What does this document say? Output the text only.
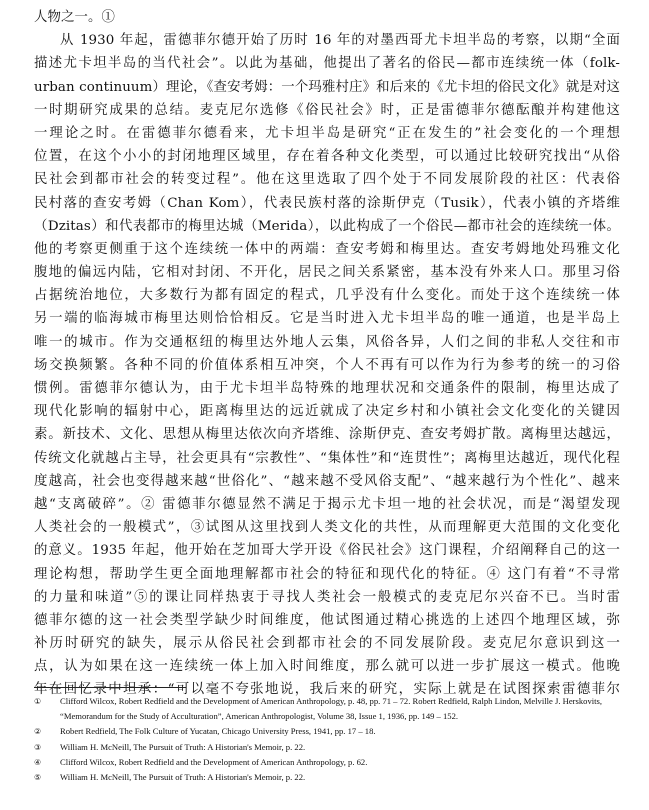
人物之一。①
从 1930 年起，雷德菲尔德开始了历时 16 年的对墨西哥尤卡坦半岛的考察，以期“全面
描述尤卡坦半岛的当代社会”。以此为基础，他提出了著名的俗民—都市连续统一体（folk-
urban continuum）理论，《查安考姆：一个玛雅村庄》和后来的《尤卡坦的俗民文化》就是对这
一时期研究成果的总结。麦克尼尔选修《俗民社会》时，正是雷德菲尔德酝酿并构建他这
一理论之时。在雷德菲尔德看来，尤卡坦半岛是研究“正在发生的”社会变化的一个理想
位置，在这个小小的封闭地理区域里，存在着各种文化类型，可以通过比较研究找出“从俗
民社会到都市社会的转变过程”。他在这里选取了四个处于不同发展阶段的社区：代表俗
民村落的查安考姆（Chan Kom），代表民族村落的涂斯伊克（Tusik），代表小镇的齐塔维
（Dzitas）和代表都市的梅里达城（Merida），以此构成了一个俗民—都市社会的连续统一体。
他的考察更侧重于这个连续统一体中的两端：查安考姆和梅里达。查安考姆地处玛雅文化
腹地的偏远内陆，它相对封闭、不开化，居民之间关系紧密，基本没有外来人口。那里习俗
占据统治地位，大多数行为都有固定的程式，几乎没有什么变化。而处于这个连续统一体
另一端的临海城市梅里达则恰恰相反。它是当时进入尤卡坦半岛的唯一通道，也是半岛上
唯一的城市。作为交通枢纽的梅里达外地人云集，风俗各异，人们之间的非私人交往和市
场交换频繁。各种不同的价值体系相互冲突，个人不再有可以作为行为参考的统一的习俗
惯例。雷德菲尔德认为，由于尤卡坦半岛特殊的地理状况和交通条件的限制，梅里达成了
现代化影响的辐射中心，距离梅里达的远近就成了决定乡村和小镇社会文化变化的关键因
素。新技术、文化、思想从梅里达依次向齐塔维、涂斯伊克、查安考姆扩散。离梅里达越远，
传统文化就越占主导，社会更具有“宗教性”、“集体性”和“连贯性”；离梅里达越近，现代化程
度越高，社会也变得越来越“世俗化”、“越来越不受风俗支配”、“越来越行为个性化”、越来
越“支离破碎”。② 雷德菲尔德显然不满足于揭示尤卡坦一地的社会状况，而是“渴望发现
人类社会的一般模式”，③试图从这里找到人类文化的共性，从而理解更大范围的文化变化
的意义。1935 年起，他开始在芝加哥大学开设《俗民社会》这门课程，介绍阐释自己的这一
理论构想，帮助学生更全面地理解都市社会的特征和现代化的特征。④ 这门有着“不寻常
的力量和味道”⑤的课让同样热衷于寻找人类社会一般模式的麦克尼尔兴奋不已。当时雷
德菲尔德的这一社会类型学缺少时间维度，他试图通过精心挑选的上述四个地理区域，弥
补历时研究的缺失，展示从俗民社会到都市社会的不同发展阶段。麦克尼尔意识到这一
点，认为如果在这一连续统一体上加入时间维度，那么就可以进一步扩展这一模式。他晚
年在回忆录中坦承：“可以毫不夸张地说，我后来的研究，实际上就是在试图探索雷德菲尔
①	Clifford Wilcox, Robert Redfield and the Development of American Anthropology, p. 48, pp. 71 – 72. Robert Redfield, Ralph Lindon, Melville J. Herskovits, “Memorandum for the Study of Acculturation”, American Anthropologist, Volume 38, Issue 1, 1936, pp. 149 – 152.
②	Robert Redfield, The Folk Culture of Yucatan, Chicago University Press, 1941, pp. 17 – 18.
③	William H. McNeill, The Pursuit of Truth: A Historian's Memoir, p. 22.
④	Clifford Wilcox, Robert Redfield and the Development of American Anthropology, p. 62.
⑤	William H. McNeill, The Pursuit of Truth: A Historian's Memoir, p. 22.
